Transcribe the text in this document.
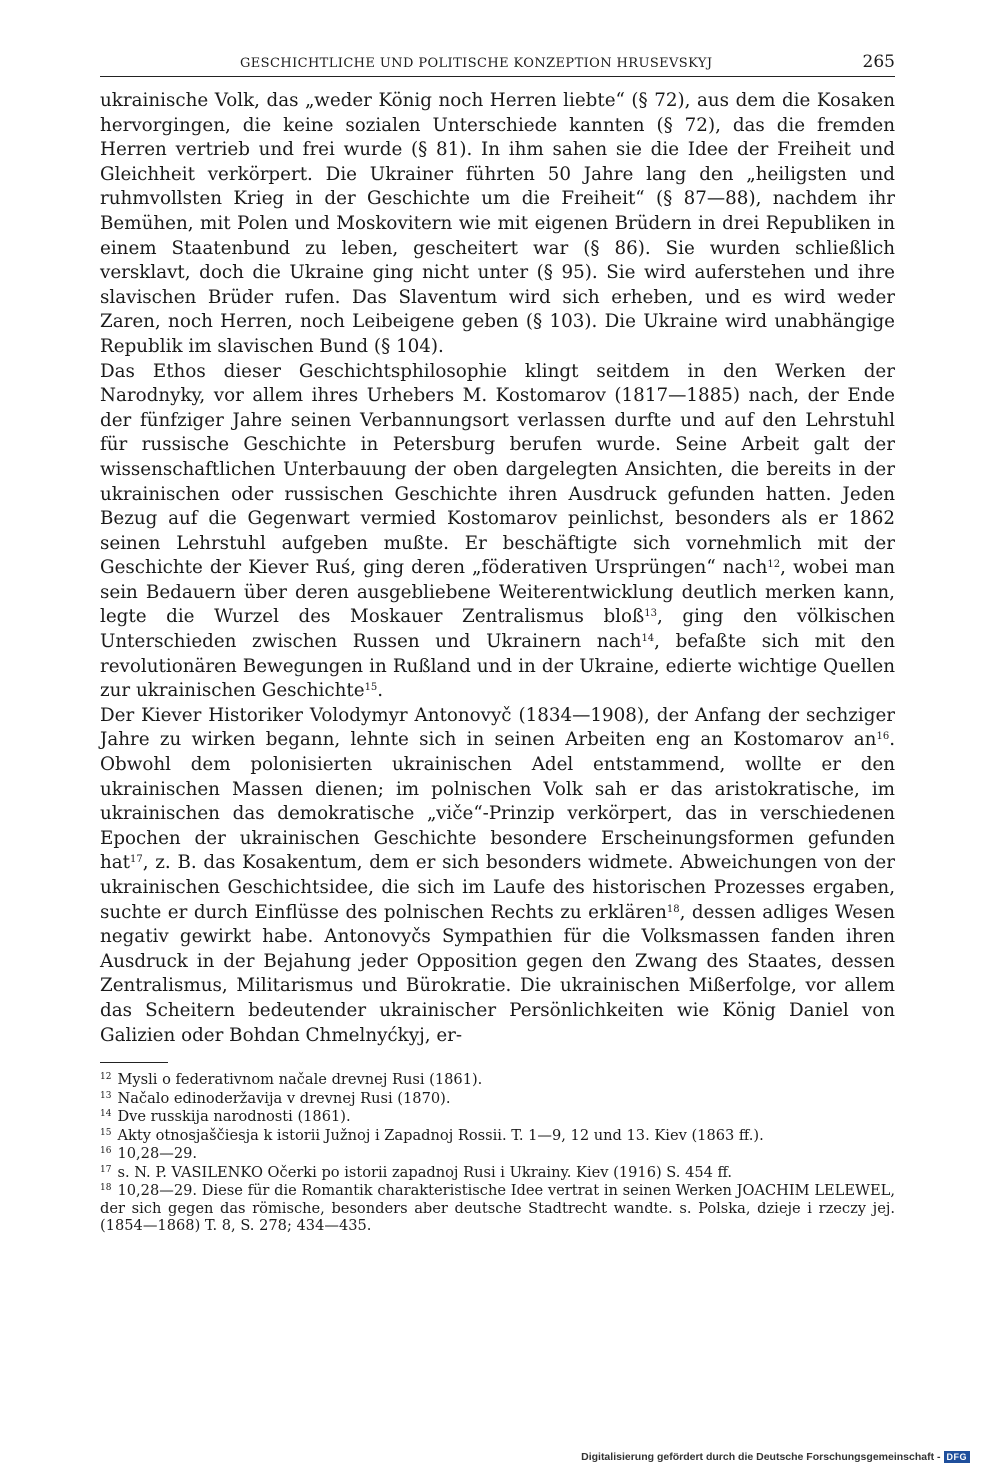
GESCHICHTLICHE UND POLITISCHE KONZEPTION HRUSEVSKYJ	265

ukrainische Volk, das „weder König noch Herren liebte“ (§ 72), aus dem die Kosaken hervorgingen, die keine sozialen Unterschiede kannten (§ 72), das die fremden Herren vertrieb und frei wurde (§ 81). In ihm sahen sie die Idee der Freiheit und Gleichheit verkörpert. Die Ukrainer führten 50 Jahre lang den „heiligsten und ruhmvollsten Krieg in der Geschichte um die Freiheit“ (§ 87—88), nachdem ihr Bemühen, mit Polen und Moskovitern wie mit eigenen Brüdern in drei Republiken in einem Staatenbund zu leben, gescheitert war (§ 86). Sie wurden schließlich versklavt, doch die Ukraine ging nicht unter (§ 95). Sie wird auferstehen und ihre slavischen Brüder rufen. Das Slaventum wird sich erheben, und es wird weder Zaren, noch Herren, noch Leibeigene geben (§ 103). Die Ukraine wird unabhängige Republik im slavischen Bund (§ 104).

Das Ethos dieser Geschichtsphilosophie klingt seitdem in den Werken der Narodnyky, vor allem ihres Urhebers M. Kostomarov (1817—1885) nach, der Ende der fünfziger Jahre seinen Verbannungsort verlassen durfte und auf den Lehrstuhl für russische Geschichte in Petersburg berufen wurde. Seine Arbeit galt der wissenschaftlichen Unterbauung der oben dargelegten Ansichten, die bereits in der ukrainischen oder russischen Geschichte ihren Ausdruck gefunden hatten. Jeden Bezug auf die Gegenwart vermied Kostomarov peinlichst, besonders als er 1862 seinen Lehrstuhl aufgeben mußte. Er beschäftigte sich vornehmlich mit der Geschichte der Kiever Ruś, ging deren „föderativen Ursprüngen“ nach$^{12}$, wobei man sein Bedauern über deren ausgebliebene Weiterentwicklung deutlich merken kann, legte die Wurzel des Moskauer Zentralismus bloß$^{13}$, ging den völkischen Unterschieden zwischen Russen und Ukrainern nach$^{14}$, befaßte sich mit den revolutionären Bewegungen in Rußland und in der Ukraine, edierte wichtige Quellen zur ukrainischen Geschichte$^{15}$.

Der Kiever Historiker Volodymyr Antonovyč (1834—1908), der Anfang der sechziger Jahre zu wirken begann, lehnte sich in seinen Arbeiten eng an Kostomarov $an^{16}$. Obwohl dem polonisierten ukrainischen Adel entstammend, wollte er den ukrainischen Massen dienen; im polnischen Volk sah er das aristokratische, im ukrainischen das demokratische „viče“-Prinzip verkörpert, das in verschiedenen Epochen der ukrainischen Geschichte besondere Erscheinungsformen gefunden hat$^{17}$, z. B. das Kosakentum, dem er sich besonders widmete. Abweichungen von der ukrainischen Geschichtsidee, die sich im Laufe des historischen Prozesses ergaben, suchte er durch Einflüsse des polnischen Rechts zu erklären$^{18}$, dessen adliges Wesen negativ gewirkt habe. Antonovyčs Sympathien für die Volksmassen fanden ihren Ausdruck in der Bejahung jeder Opposition gegen den Zwang des Staates, dessen Zentralismus, Militarismus und Bürokratie. Die ukrainischen Mißerfolge, vor allem das Scheitern bedeutender ukrainischer Persönlichkeiten wie König Daniel von Galizien oder Bohdan Chmelnyćkyj, er-

$^{12}$ Mysli o federativnom načale drevnej Rusi (1861).
$^{13}$ Načalo edinoderžavija v drevnej Rusi (1870).
$^{14}$ Dve russkija narodnosti (1861).
$^{15}$ Akty otnosjaščiesja k istorii Južnoj i Zapadnoj Rossii. T. 1—9, 12 und 13. Kiev (1863 ff.).
$^{16}$ 10,28—29.
$^{17}$ s. N. P. VASILENKO Očerki po istorii zapadnoj Rusi i Ukrainy. Kiev (1916) S. 454 ff.
$^{18}$ 10,28—29. Diese für die Romantik charakteristische Idee vertrat in seinen Werken JOACHIM LELEWEL, der sich gegen das römische, besonders aber deutsche Stadtrecht wandte. s. Polska, dzieje i rzeczy jej. (1854—1868) T. 8, S. 278; 434—435.
Digitalisierung gefördert durch die Deutsche Forschungsgemeinschaft - DFG
